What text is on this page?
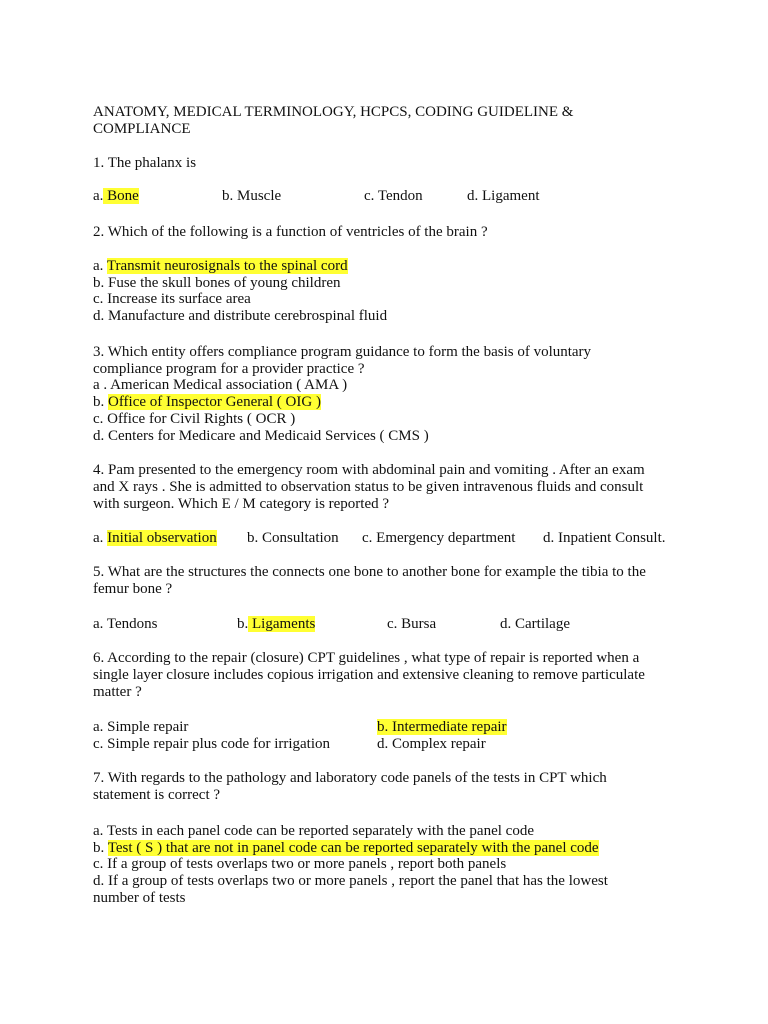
ANATOMY, MEDICAL TERMINOLOGY, HCPCS, CODING GUIDELINE &
COMPLIANCE
1. The phalanx is
a. Bone	b. Muscle	c. Tendon	d. Ligament
2. Which of the following is a function of ventricles of the brain ?
a. Transmit neurosignals to the spinal cord
b. Fuse the skull bones of young children
c. Increase its surface area
d. Manufacture and distribute cerebrospinal fluid
3. Which entity offers compliance program guidance to form the basis of voluntary
compliance program for a provider practice ?
a . American Medical association ( AMA )
b. Office of Inspector General ( OIG )
c. Office for Civil Rights ( OCR )
d. Centers for Medicare and Medicaid Services ( CMS )
4. Pam presented to the emergency room with abdominal pain and vomiting . After an exam
and X rays . She is admitted to observation status to be given intravenous fluids and consult
with surgeon. Which E / M category is reported ?
a. Initial observation b. Consultation c. Emergency department d. Inpatient Consult.
5. What are the structures the connects one bone to another bone for example the tibia to the
femur bone ?
a. Tendons	b. Ligaments	c. Bursa	d. Cartilage
6. According to the repair (closure) CPT guidelines , what type of repair is reported when a
single layer closure includes copious irrigation and extensive cleaning to remove particulate
matter ?
a. Simple repair	b. Intermediate repair
c. Simple repair plus code for irrigation	d. Complex repair
7. With regards to the pathology and laboratory code panels of the tests in CPT which
statement is correct ?
a. Tests in each panel code can be reported separately with the panel code
b. Test ( S ) that are not in panel code can be reported separately with the panel code
c. If a group of tests overlaps two or more panels , report both panels
d. If a group of tests overlaps two or more panels , report the panel that has the lowest
number of tests
